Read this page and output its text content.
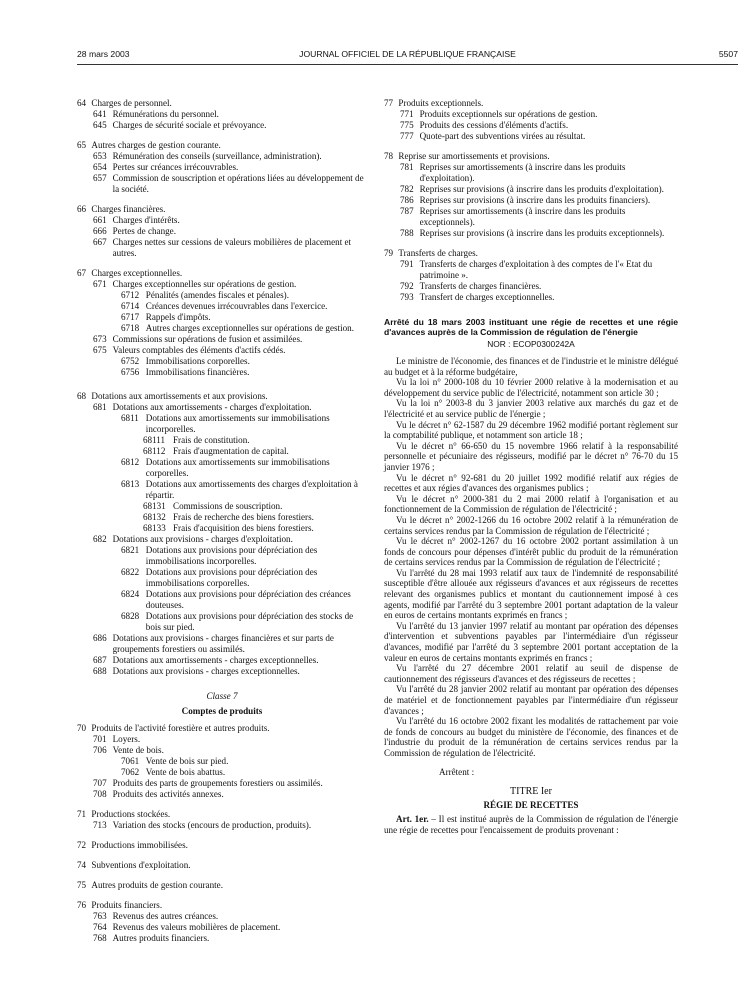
28 mars 2003	JOURNAL OFFICIEL DE LA RÉPUBLIQUE FRANÇAISE	5507
64 Charges de personnel.
641 Rémunérations du personnel.
645 Charges de sécurité sociale et prévoyance.
65 Autres charges de gestion courante.
653 Rémunération des conseils (surveillance, administration).
654 Pertes sur créances irrécouvrables.
657 Commission de souscription et opérations liées au développement de la société.
66 Charges financières.
661 Charges d'intérêts.
666 Pertes de change.
667 Charges nettes sur cessions de valeurs mobilières de placement et autres.
67 Charges exceptionnelles.
671 Charges exceptionnelles sur opérations de gestion.
6712 Pénalités (amendes fiscales et pénales).
6714 Créances devenues irrécouvrables dans l'exercice.
6717 Rappels d'impôts.
6718 Autres charges exceptionnelles sur opérations de gestion.
673 Commissions sur opérations de fusion et assimilées.
675 Valeurs comptables des éléments d'actifs cédés.
6752 Immobilisations corporelles.
6756 Immobilisations financières.
68 Dotations aux amortissements et aux provisions.
681 Dotations aux amortissements - charges d'exploitation.
6811 Dotations aux amortissements sur immobilisations incorporelles.
68111 Frais de constitution.
68112 Frais d'augmentation de capital.
6812 Dotations aux amortissements sur immobilisations corporelles.
6813 Dotations aux amortissements des charges d'exploitation à répartir.
68131 Commissions de souscription.
68132 Frais de recherche des biens forestiers.
68133 Frais d'acquisition des biens forestiers.
682 Dotations aux provisions - charges d'exploitation.
6821 Dotations aux provisions pour dépréciation des immobilisations incorporelles.
6822 Dotations aux provisions pour dépréciation des immobilisations corporelles.
6824 Dotations aux provisions pour dépréciation des créances douteuses.
6828 Dotations aux provisions pour dépréciation des stocks de bois sur pied.
686 Dotations aux provisions - charges financières et sur parts de groupements forestiers ou assimilés.
687 Dotations aux amortissements - charges exceptionnelles.
688 Dotations aux provisions - charges exceptionnelles.
Classe 7
Comptes de produits
70 Produits de l'activité forestière et autres produits.
701 Loyers.
706 Vente de bois.
7061 Vente de bois sur pied.
7062 Vente de bois abattus.
707 Produits des parts de groupements forestiers ou assimilés.
708 Produits des activités annexes.
71 Productions stockées.
713 Variation des stocks (encours de production, produits).
72 Productions immobilisées.
74 Subventions d'exploitation.
75 Autres produits de gestion courante.
76 Produits financiers.
763 Revenus des autres créances.
764 Revenus des valeurs mobilières de placement.
768 Autres produits financiers.
77 Produits exceptionnels.
771 Produits exceptionnels sur opérations de gestion.
775 Produits des cessions d'éléments d'actifs.
777 Quote-part des subventions virées au résultat.
78 Reprise sur amortissements et provisions.
781 Reprises sur amortissements (à inscrire dans les produits d'exploitation).
782 Reprises sur provisions (à inscrire dans les produits d'exploitation).
786 Reprises sur provisions (à inscrire dans les produits financiers).
787 Reprises sur amortissements (à inscrire dans les produits exceptionnels).
788 Reprises sur provisions (à inscrire dans les produits exceptionnels).
79 Transferts de charges.
791 Transferts de charges d'exploitation à des comptes de l'« Etat du patrimoine ».
792 Transferts de charges financières.
793 Transfert de charges exceptionnelles.
Arrêté du 18 mars 2003 instituant une régie de recettes et une régie d'avances auprès de la Commission de régulation de l'énergie
NOR : ECOP0300242A
Le ministre de l'économie, des finances et de l'industrie et le ministre délégué au budget et à la réforme budgétaire,
Vu la loi n° 2000-108 du 10 février 2000 relative à la modernisation et au développement du service public de l'électricité, notamment son article 30 ;
Vu la loi n° 2003-8 du 3 janvier 2003 relative aux marchés du gaz et de l'électricité et au service public de l'énergie ;
Vu le décret n° 62-1587 du 29 décembre 1962 modifié portant règlement sur la comptabilité publique, et notamment son article 18 ;
Vu le décret n° 66-650 du 15 novembre 1966 relatif à la responsabilité personnelle et pécuniaire des régisseurs, modifié par le décret n° 76-70 du 15 janvier 1976 ;
Vu le décret n° 92-681 du 20 juillet 1992 modifié relatif aux régies de recettes et aux régies d'avances des organismes publics ;
Vu le décret n° 2000-381 du 2 mai 2000 relatif à l'organisation et au fonctionnement de la Commission de régulation de l'électricité ;
Vu le décret n° 2002-1266 du 16 octobre 2002 relatif à la rémunération de certains services rendus par la Commission de régulation de l'électricité ;
Vu le décret n° 2002-1267 du 16 octobre 2002 portant assimilation à un fonds de concours pour dépenses d'intérêt public du produit de la rémunération de certains services rendus par la Commission de régulation de l'électricité ;
Vu l'arrêté du 28 mai 1993 relatif aux taux de l'indemnité de responsabilité susceptible d'être allouée aux régisseurs d'avances et aux régisseurs de recettes relevant des organismes publics et montant du cautionnement imposé à ces agents, modifié par l'arrêté du 3 septembre 2001 portant adaptation de la valeur en euros de certains montants exprimés en francs ;
Vu l'arrêté du 13 janvier 1997 relatif au montant par opération des dépenses d'intervention et subventions payables par l'intermédiaire d'un régisseur d'avances, modifié par l'arrêté du 3 septembre 2001 portant acceptation de la valeur en euros de certains montants exprimés en francs ;
Vu l'arrêté du 27 décembre 2001 relatif au seuil de dispense de cautionnement des régisseurs d'avances et des régisseurs de recettes ;
Vu l'arrêté du 28 janvier 2002 relatif au montant par opération des dépenses de matériel et de fonctionnement payables par l'intermédiaire d'un régisseur d'avances ;
Vu l'arrêté du 16 octobre 2002 fixant les modalités de rattachement par voie de fonds de concours au budget du ministère de l'économie, des finances et de l'industrie du produit de la rémunération de certains services rendus par la Commission de régulation de l'électricité.
Arrêtent :
TITRE Ier
RÉGIE DE RECETTES
Art. 1er. – Il est institué auprès de la Commission de régulation de l'énergie une régie de recettes pour l'encaissement de produits provenant :
